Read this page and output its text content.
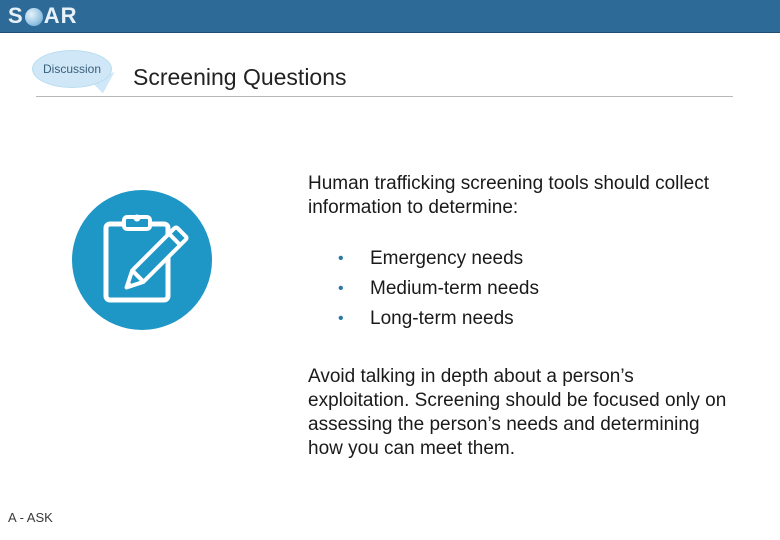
S AR
Discussion Screening Questions
Human trafficking screening tools should collect information to determine:
• Emergency needs
• Medium-term needs
• Long-term needs
Avoid talking in depth about a person’s exploitation. Screening should be focused only on assessing the person’s needs and determining how you can meet them.
A - ASK
